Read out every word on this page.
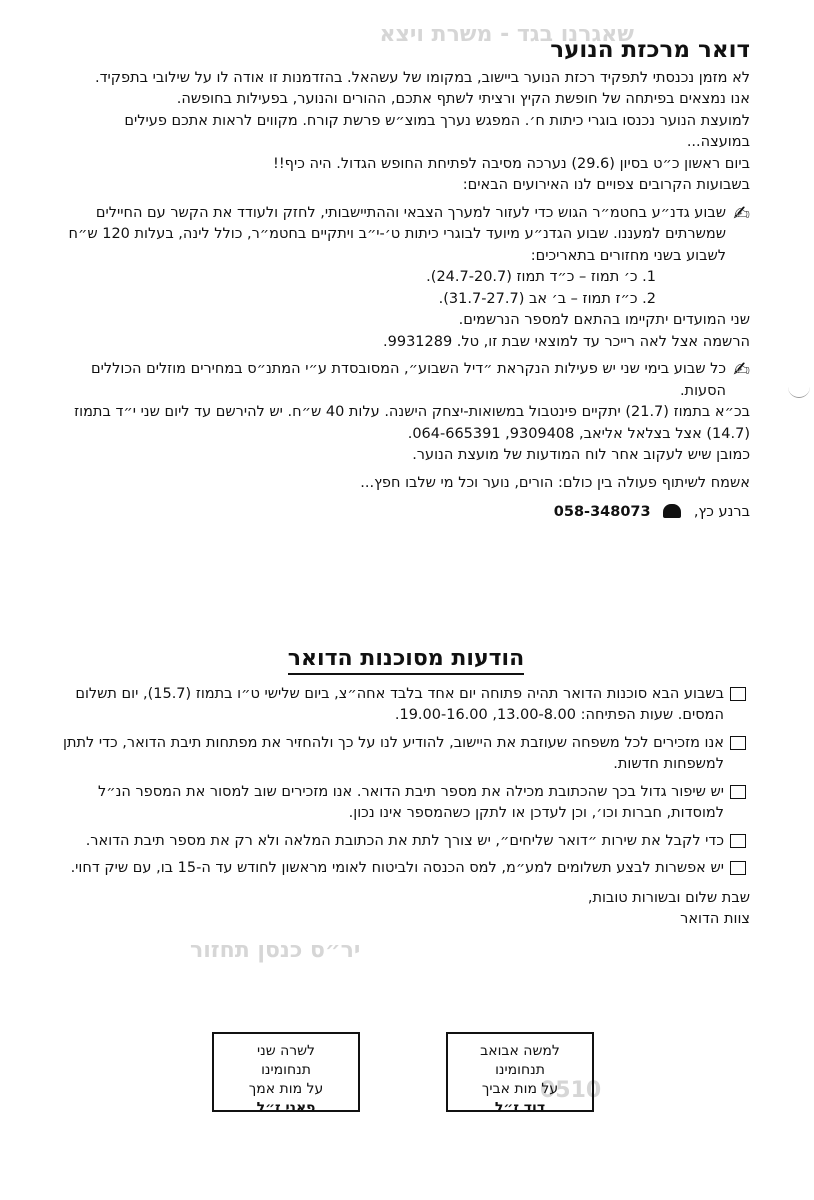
שאגרנו בגד - משרת ויצא
יר״ס כנסן תחזור
0510
דואר מרכזת הנוער

לא מזמן נכנסתי לתפקיד רכזת הנוער ביישוב, במקומו של עשהאל. בהזדמנות זו אודה לו על שילובי בתפקיד.

אנו נמצאים בפיתחה של חופשת הקיץ ורציתי לשתף אתכם, ההורים והנוער, בפעילות בחופשה.

למועצת הנוער נכנסו בוגרי כיתות ח׳. המפגש נערך במוצ״ש פרשת קורח. מקווים לראות אתכם פעילים במועצה...

ביום ראשון כ״ט בסיון (29.6) נערכה מסיבה לפתיחת החופש הגדול. היה כיף!!

בשבועות הקרובים צפויים לנו האירועים הבאים:

✍

שבוע גדנ״ע בחטמ״ר הגוש כדי לעזור למערך הצבאי וההתיישבותי, לחזק ולעודד את הקשר עם החיילים שמשרתים למעננו. שבוע הגדנ״ע מיועד לבוגרי כיתות ט׳-י״ב ויתקיים בחטמ״ר, כולל לינה, בעלות 120 ש״ח לשבוע בשני מחזורים בתאריכים:

1. כ׳ תמוז – כ״ד תמוז (24.7-20.7).

2. כ״ז תמוז – ב׳ אב (31.7-27.7).

שני המועדים יתקיימו בהתאם למספר הנרשמים.

הרשמה אצל לאה רייכר עד למוצאי שבת זו, טל. 9931289.

✍

כל שבוע בימי שני יש פעילות הנקראת ״דיל השבוע״, המסובסדת ע״י המתנ״ס במחירים מוזלים הכוללים הסעות.

בכ״א בתמוז (21.7) יתקיים פינטבול במשואות-יצחק הישנה. עלות 40 ש״ח. יש להירשם עד ליום שני י״ד בתמוז (14.7) אצל בצלאל אליאב, 9309408, 064-665391.

כמובן שיש לעקוב אחר לוח המודעות של מועצת הנוער.

אשמח לשיתוף פעולה בין כולם: הורים, נוער וכל מי שלבו חפץ...

ברנע כץ,  058-348073
הודעות מסוכנות הדואר
בשבוע הבא סוכנות הדואר תהיה פתוחה יום אחד בלבד אחה״צ, ביום שלישי ט״ו בתמוז (15.7), יום תשלום המסים. שעות הפתיחה: 13.00-8.00, 19.00-16.00.
אנו מזכירים לכל משפחה שעוזבת את היישוב, להודיע לנו על כך ולהחזיר את מפתחות תיבת הדואר, כדי לתתן למשפחות חדשות.
יש שיפור גדול בכך שהכתובת מכילה את מספר תיבת הדואר. אנו מזכירים שוב למסור את המספר הנ״ל למוסדות, חברות וכו׳, וכן לעדכן או לתקן כשהמספר אינו נכון.
כדי לקבל את שירות ״דואר שליחים״, יש צורך לתת את הכתובת המלאה ולא רק את מספר תיבת הדואר.
יש אפשרות לבצע תשלומים למע״מ, למס הכנסה ולביטוח לאומי מראשון לחודש עד ה-15 בו, עם שיק דחוי.

שבת שלום ובשורות טובות,

צוות הדואר

למשה אבואב
תנחומינו
על מות אביך
דוד ז״ל
לשרה שני
תנחומינו
על מות אמך
פאני ז״ל
